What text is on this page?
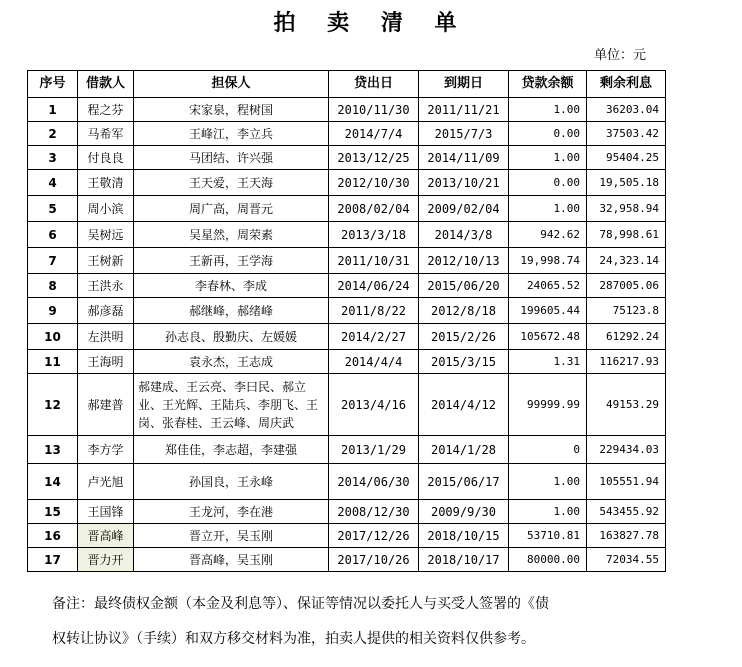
拍 卖 清 单
单位：元
序号	借款人	担保人	贷出日	到期日	贷款余额	剩余利息
1	程之芬	宋家泉，程树国	2010/11/30	2011/11/21	1.00	36203.04
2	马希军	王峰江，李立兵	2014/7/4	2015/7/3	0.00	37503.42
3	付良良	马团结、许兴强	2013/12/25	2014/11/09	1.00	95404.25
4	王敬清	王天爱，王天海	2012/10/30	2013/10/21	0.00	19,505.18
5	周小滨	周广高，周晋元	2008/02/04	2009/02/04	1.00	32,958.94
6	吴树远	吴星然，周荣素	2013/3/18	2014/3/8	942.62	78,998.61
7	王树新	王新再，王学海	2011/10/31	2012/10/13	19,998.74	24,323.14
8	王洪永	李春林、李成	2014/06/24	2015/06/20	24065.52	287005.06
9	郝彦磊	郝继峰，郝绪峰	2011/8/22	2012/8/18	199605.44	75123.8
10	左洪明	孙志良、殷勤庆、左媛媛	2014/2/27	2015/2/26	105672.48	61292.24
11	王海明	袁永杰，王志成	2014/4/4	2015/3/15	1.31	116217.93
12	郝建普	郝建成、王云亮、李曰民、郝立业、王光辉、王陆兵、李朋飞、王岗、张春桂、王云峰、周庆武	2013/4/16	2014/4/12	99999.99	49153.29
13	李方学	郑佳佳，李志超，李建强	2013/1/29	2014/1/28	0	229434.03
14	卢光旭	孙国良，王永峰	2014/06/30	2015/06/17	1.00	105551.94
15	王国锋	王龙河，李在港	2008/12/30	2009/9/30	1.00	543455.92
16	晋高峰	晋立开，吴玉刚	2017/12/26	2018/10/15	53710.81	163827.78
17	晋力开	晋高峰，吴玉刚	2017/10/26	2018/10/17	80000.00	72034.55
备注：最终债权金额（本金及利息等）、保证等情况以委托人与买受人签署的《债
权转让协议》（手续）和双方移交材料为准，拍卖人提供的相关资料仅供参考。
